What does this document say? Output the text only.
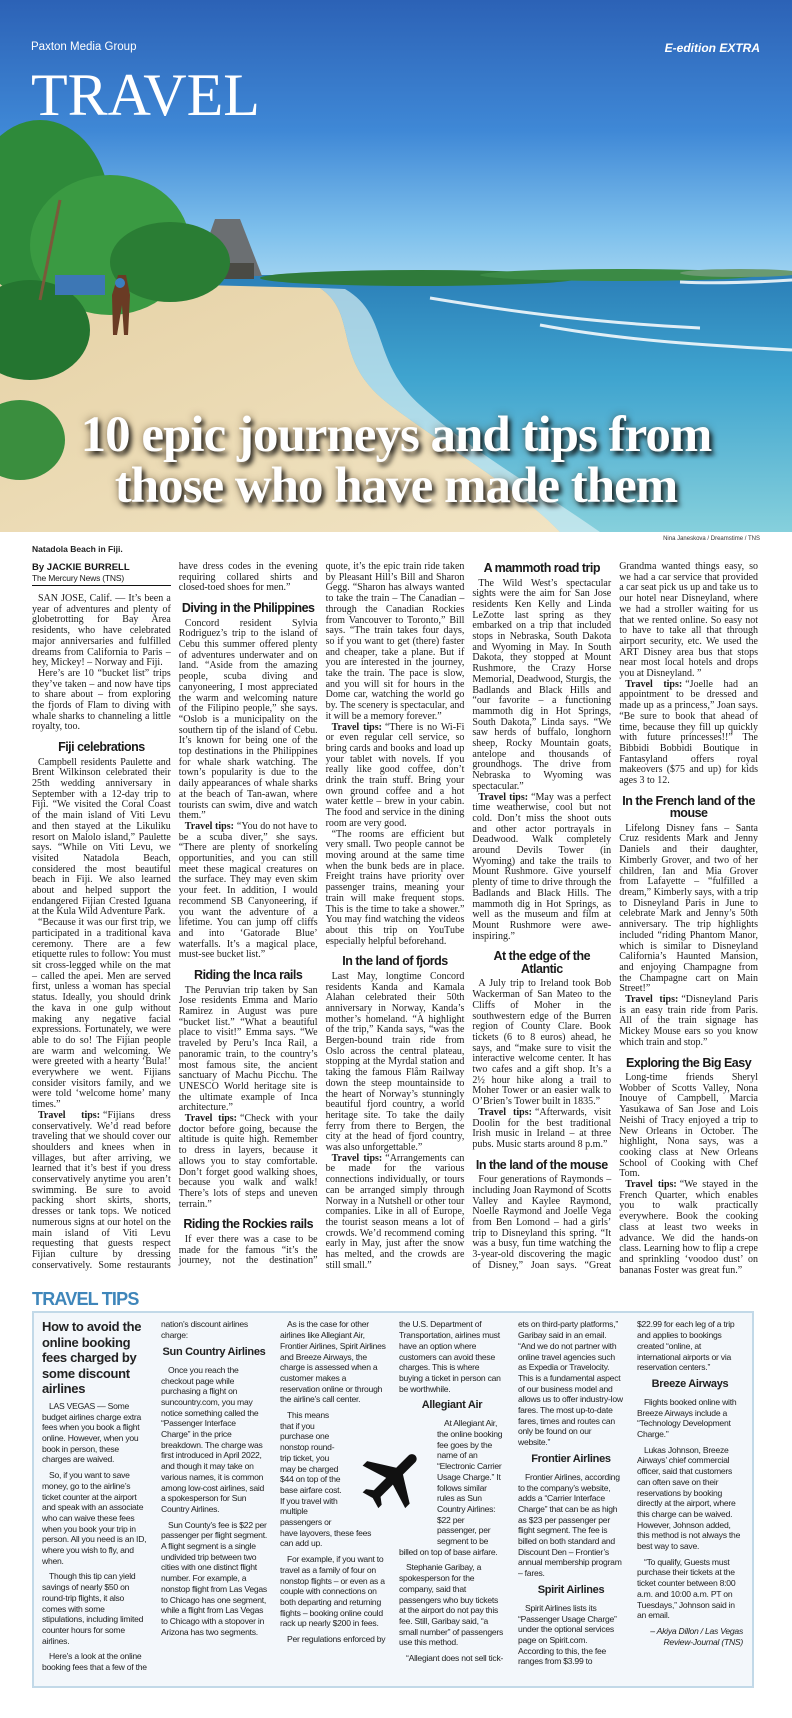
Paxton Media Group	E-edition EXTRA
TRAVEL
10 epic journeys and tips from
those who have made them
Nina Janeskova / Dreamstime / TNS
Natadola Beach in Fiji.
By JACKIE BURRELL
The Mercury News (TNS)

SAN JOSE, Calif. — It’s been a year of adventures and plenty of globetrotting for Bay Area residents, who have celebrated major anniversaries and fulfilled dreams from California to Paris – hey, Mickey! – Norway and Fiji.

Here’s are 10 “bucket list” trips they’ve taken – and now have tips to share about – from exploring the fjords of Flam to diving with whale sharks to channeling a little royalty, too.

Fiji celebrations

Campbell residents Paulette and Brent Wilkinson celebrated their 25th wedding anniversary in September with a 12-day trip to Fiji. “We visited the Coral Coast of the main island of Viti Levu and then stayed at the Likuliku resort on Malolo island,” Paulette says. “While on Viti Levu, we visited Natadola Beach, considered the most beautiful beach in Fiji. We also learned about and helped support the endangered Fijian Crested Iguana at the Kula Wild Adventure Park.

“Because it was our first trip, we participated in a traditional kava ceremony. There are a few etiquette rules to follow: You must sit cross-legged while on the mat – called the apei. Men are served first, unless a woman has special status. Ideally, you should drink the kava in one gulp without making any negative facial expressions. Fortunately, we were able to do so! The Fijian people are warm and welcoming. We were greeted with a hearty ‘Bula!’ everywhere we went. Fijians consider visitors family, and we were told ‘welcome home’ many times.”

Travel tips: “Fijians dress conservatively. We’d read before traveling that we should cover our shoulders and knees when in villages, but after arriving, we learned that it’s best if you dress conservatively anytime you aren’t swimming. Be sure to avoid packing short skirts, shorts, dresses or tank tops. We noticed numerous signs at our hotel on the main island of Viti Levu requesting that guests respect Fijian culture by dressing conservatively. Some restaurants have dress codes in the evening requiring collared shirts and closed-toed shoes for men.”

Diving in the Philippines

Concord resident Sylvia Rodriguez’s trip to the island of Cebu this summer offered plenty of adventures underwater and on land. “Aside from the amazing people, scuba diving and canyoneering, I most appreciated the warm and welcoming nature of the Filipino people,” she says. “Oslob is a municipality on the southern tip of the island of Cebu. It’s known for being one of the top destinations in the Philippines for whale shark watching. The town’s popularity is due to the daily appearances of whale sharks at the beach of Tan-awan, where tourists can swim, dive and watch them.”

Travel tips: “You do not have to be a scuba diver,” she says. “There are plenty of snorkeling opportunities, and you can still meet these magical creatures on the surface. They may even skim your feet. In addition, I would recommend SB Canyoneering, if you want the adventure of a lifetime. You can jump off cliffs and into ‘Gatorade Blue’ waterfalls. It’s a magical place, must-see bucket list.”

Riding the Inca rails

The Peruvian trip taken by San Jose residents Emma and Mario Ramirez in August was pure “bucket list.” “What a beautiful place to visit!” Emma says. “We traveled by Peru’s Inca Rail, a panoramic train, to the country’s most famous site, the ancient sanctuary of Machu Picchu. The UNESCO World heritage site is the ultimate example of Inca architecture.”

Travel tips: “Check with your doctor before going, because the altitude is quite high. Remember to dress in layers, because it allows you to stay comfortable. Don’t forget good walking shoes, because you walk and walk! There’s lots of steps and uneven terrain.”

Riding the Rockies rails

If ever there was a case to be made for the famous “it’s the journey, not the destination” quote, it’s the epic train ride taken by Pleasant Hill’s Bill and Sharon Gegg. “Sharon has always wanted to take the train – The Canadian – through the Canadian Rockies from Vancouver to Toronto,” Bill says. “The train takes four days, so if you want to get (there) faster and cheaper, take a plane. But if you are interested in the journey, take the train. The pace is slow, and you will sit for hours in the Dome car, watching the world go by. The scenery is spectacular, and it will be a memory forever.”

Travel tips: “There is no Wi-Fi or even regular cell service, so bring cards and books and load up your tablet with novels. If you really like good coffee, don’t drink the train stuff. Bring your own ground coffee and a hot water kettle – brew in your cabin. The food and service in the dining room are very good.

“The rooms are efficient but very small. Two people cannot be moving around at the same time when the bunk beds are in place. Freight trains have priority over passenger trains, meaning your train will make frequent stops. This is the time to take a shower.” You may find watching the videos about this trip on YouTube especially helpful beforehand.

In the land of fjords

Last May, longtime Concord residents Kanda and Kamala Alahan celebrated their 50th anniversary in Norway, Kanda’s mother’s homeland. “A highlight of the trip,” Kanda says, “was the Bergen-bound train ride from Oslo across the central plateau, stopping at the Myrdal station and taking the famous Flåm Railway down the steep mountainside to the heart of Norway’s stunningly beautiful fjord country, a world heritage site. To take the daily ferry from there to Bergen, the city at the head of fjord country, was also unforgettable.”

Travel tips: “Arrangements can be made for the various connections individually, or tours can be arranged simply through Norway in a Nutshell or other tour companies. Like in all of Europe, the tourist season means a lot of crowds. We’d recommend coming early in May, just after the snow has melted, and the crowds are still small.”

A mammoth road trip

The Wild West’s spectacular sights were the aim for San Jose residents Ken Kelly and Linda LeZotte last spring as they embarked on a trip that included stops in Nebraska, South Dakota and Wyoming in May. In South Dakota, they stopped at Mount Rushmore, the Crazy Horse Memorial, Deadwood, Sturgis, the Badlands and Black Hills and “our favorite – a functioning mammoth dig in Hot Springs, South Dakota,” Linda says. “We saw herds of buffalo, longhorn sheep, Rocky Mountain goats, antelope and thousands of groundhogs. The drive from Nebraska to Wyoming was spectacular.”

Travel tips: “May was a perfect time weatherwise, cool but not cold. Don’t miss the shoot outs and other actor portrayals in Deadwood. Walk completely around Devils Tower (in Wyoming) and take the trails to Mount Rushmore. Give yourself plenty of time to drive through the Badlands and Black Hills. The mammoth dig in Hot Springs, as well as the museum and film at Mount Rushmore were awe-inspiring.”

At the edge of the Atlantic

A July trip to Ireland took Bob Wackerman of San Mateo to the Cliffs of Moher in the southwestern edge of the Burren region of County Clare. Book tickets (6 to 8 euros) ahead, he says, and “make sure to visit the interactive welcome center. It has two cafes and a gift shop. It’s a 2½ hour hike along a trail to Moher Tower or an easier walk to O’Brien’s Tower built in 1835.”

Travel tips: “Afterwards, visit Doolin for the best traditional Irish music in Ireland – at three pubs. Music starts around 8 p.m.”

In the land of the mouse

Four generations of Raymonds – including Joan Raymond of Scotts Valley and Kaylee Raymond, Noelle Raymond and Joelle Vega from Ben Lomond – had a girls’ trip to Disneyland this spring. “It was a busy, fun time watching the 3-year-old discovering the magic of Disney,” Joan says. “Great Grandma wanted things easy, so we had a car service that provided a car seat pick us up and take us to our hotel near Disneyland, where we had a stroller waiting for us that we rented online. So easy not to have to take all that through airport security, etc. We used the ART Disney area bus that stops near most local hotels and drops you at Disneyland. ”

Travel tips: “Joelle had an appointment to be dressed and made up as a princess,” Joan says. “Be sure to book that ahead of time, because they fill up quickly with future princesses!!” The Bibbidi Bobbidi Boutique in Fantasyland offers royal makeovers ($75 and up) for kids ages 3 to 12.

In the French land of the mouse

Lifelong Disney fans – Santa Cruz residents Mark and Jenny Daniels and their daughter, Kimberly Grover, and two of her children, Ian and Mia Grover from Lafayette – “fulfilled a dream,” Kimberly says, with a trip to Disneyland Paris in June to celebrate Mark and Jenny’s 50th anniversary. The trip highlights included “riding Phantom Manor, which is similar to Disneyland California’s Haunted Mansion, and enjoying Champagne from the Champagne cart on Main Street!”

Travel tips: “Disneyland Paris is an easy train ride from Paris. All of the train signage has Mickey Mouse ears so you know which train and stop.”

Exploring the Big Easy

Long-time friends Sheryl Wobber of Scotts Valley, Nona Inouye of Campbell, Marcia Yasukawa of San Jose and Lois Neishi of Tracy enjoyed a trip to New Orleans in October. The highlight, Nona says, was a cooking class at New Orleans School of Cooking with Chef Tom.

Travel tips: “We stayed in the French Quarter, which enables you to walk practically everywhere. Book the cooking class at least two weeks in advance. We did the hands-on class. Learning how to flip a crepe and sprinkling ‘voodoo dust’ on bananas Foster was great fun.”

TRAVEL TIPS
How to avoid the online booking fees charged by some discount airlines

LAS VEGAS — Some budget airlines charge extra fees when you book a flight online. However, when you book in person, these charges are waived.

So, if you want to save money, go to the airline’s ticket counter at the airport and speak with an associate who can waive these fees when you book your trip in person. All you need is an ID, where you wish to fly, and when.

Though this tip can yield savings of nearly $50 on round-trip flights, it also comes with some stipulations, including limited counter hours for some airlines.

Here’s a look at the online booking fees that a few of the

nation’s discount airlines charge:

Sun Country Airlines

Once you reach the checkout page while purchasing a flight on suncountry.com, you may notice something called the “Passenger Interface Charge” in the price breakdown. The charge was first introduced in April 2022, and though it may take on various names, it is common among low-cost airlines, said a spokesperson for Sun Country Airlines.

Sun County’s fee is $22 per passenger per flight segment. A flight segment is a single undivided trip between two cities with one distinct flight number. For example, a nonstop flight from Las Vegas to Chicago has one segment, while a flight from Las Vegas to Chicago with a stopover in Arizona has two segments.

As is the case for other airlines like Allegiant Air, Frontier Airlines, Spirit Airlines and Breeze Airways, the charge is assessed when a customer makes a reservation online or through the airline’s call center.

This means that if you purchase one nonstop round-trip ticket, you may be charged $44 on top of the base airfare cost. If you travel with multiple passengers or have layovers, these fees can add up.

For example, if you want to travel as a family of four on nonstop flights – or even as a couple with connections on both departing and returning flights – booking online could rack up nearly $200 in fees.

Per regulations enforced by

the U.S. Department of Transportation, airlines must have an option where customers can avoid these charges. This is where buying a ticket in person can be worthwhile.

Allegiant Air

At Allegiant Air, the online booking fee goes by the name of an “Electronic Carrier Usage Charge.” It follows similar rules as Sun Country Airlines: $22 per passenger, per segment to be billed on top of base airfare.

Stephanie Garibay, a spokesperson for the company, said that passengers who buy tickets at the airport do not pay this fee. Still, Garibay said, “a small number” of passengers use this method.

“Allegiant does not sell tick-

ets on third-party platforms,” Garibay said in an email. “And we do not partner with online travel agencies such as Expedia or Travelocity. This is a fundamental aspect of our business model and allows us to offer industry-low fares. The most up-to-date fares, times and routes can only be found on our website.”

Frontier Airlines

Frontier Airlines, according to the company’s website, adds a “Carrier Interface Charge” that can be as high as $23 per passenger per flight segment. The fee is billed on both standard and Discount Den – Frontier’s annual membership program – fares.

Spirit Airlines

Spirit Airlines lists its “Passenger Usage Charge” under the optional services page on Spirit.com. According to this, the fee ranges from $3.99 to

$22.99 for each leg of a trip and applies to bookings created “online, at international airports or via reservation centers.”

Breeze Airways

Flights booked online with Breeze Airways include a “Technology Development Charge.”

Lukas Johnson, Breeze Airways’ chief commercial officer, said that customers can often save on their reservations by booking directly at the airport, where this charge can be waived. However, Johnson added, this method is not always the best way to save.

“To qualify, Guests must purchase their tickets at the ticket counter between 8:00 a.m. and 10:00 a.m. PT on Tuesdays,” Johnson said in an email.

– Akiya Dillon / Las Vegas Review-Journal (TNS)
